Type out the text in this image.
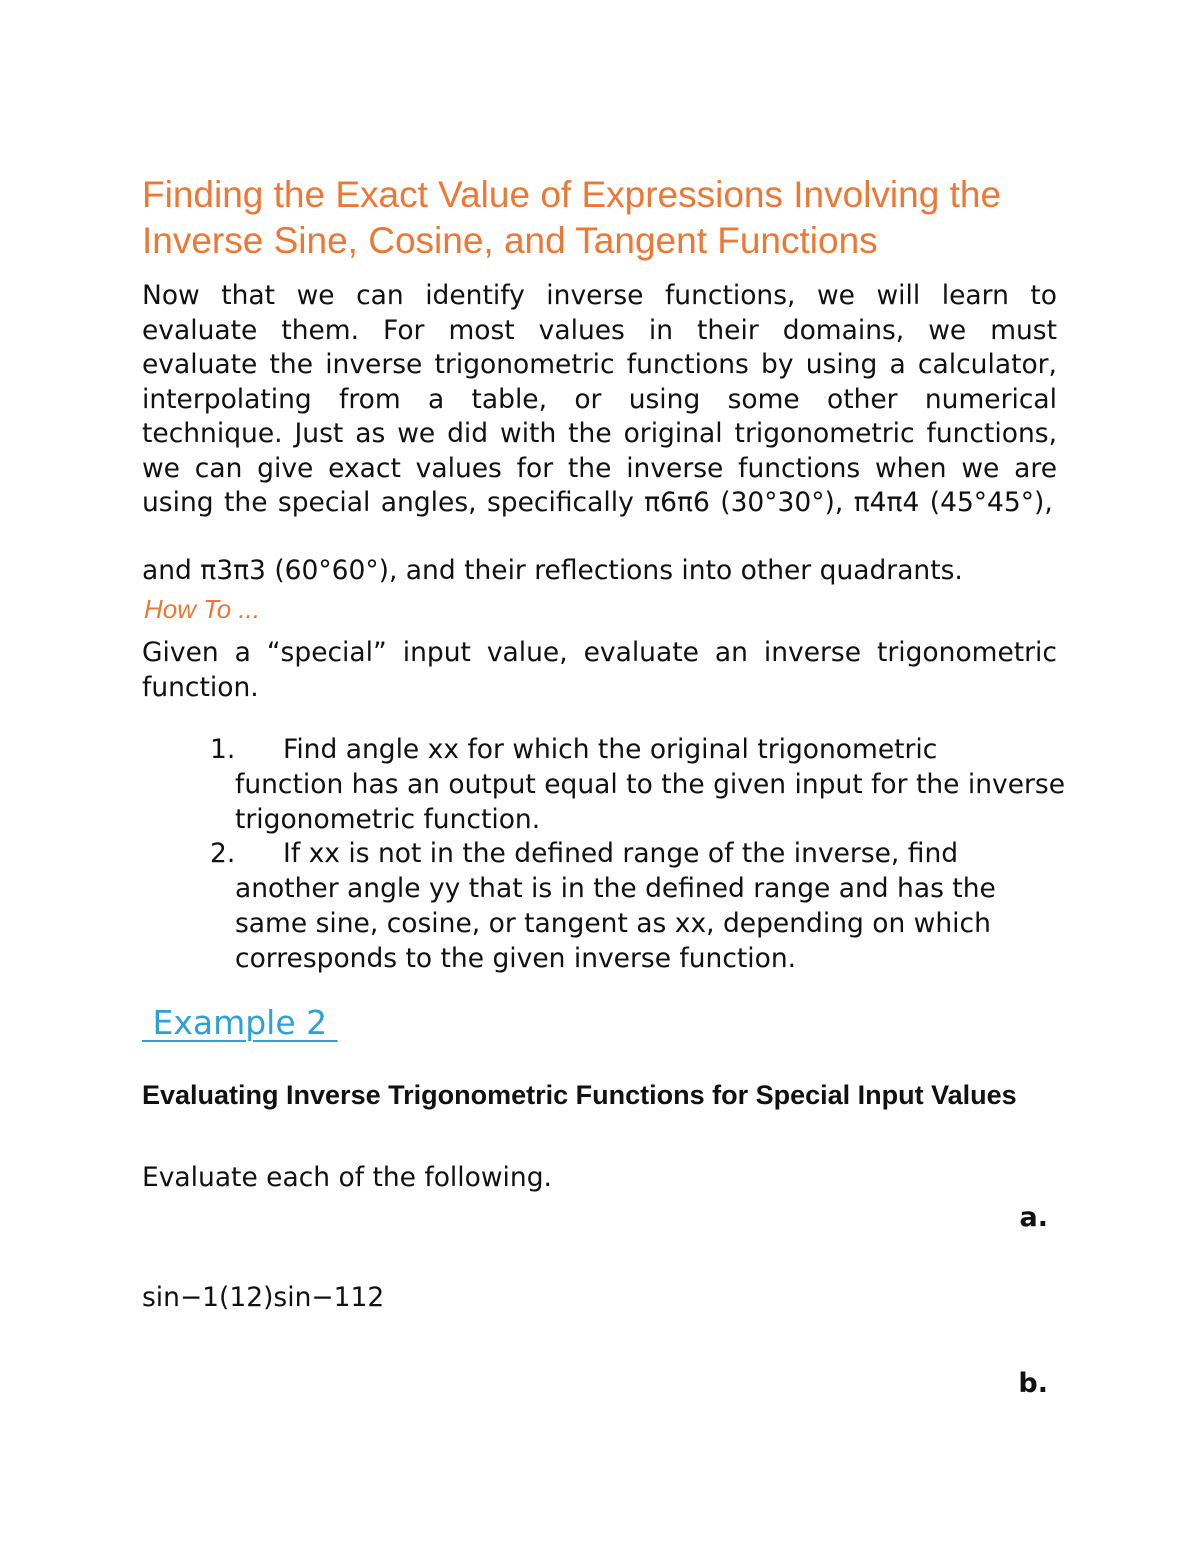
Finding the Exact Value of Expressions Involving the Inverse Sine, Cosine, and Tangent Functions

Now that we can identify inverse functions, we will learn to evaluate them. For most values in their domains, we must evaluate the inverse trigonometric functions by using a calculator, interpolating from a table, or using some other numerical technique. Just as we did with the original trigonometric functions, we can give exact values for the inverse functions when we are using the special angles, specifically π6π6 (30°30°), π4π4 (45°45°),

and π3π3 (60°60°), and their reflections into other quadrants.

How To ...

Given a “special” input value, evaluate an inverse trigonometric function.

1. Find angle xx for which the original trigonometric
function has an output equal to the given input for the inverse trigonometric function.
2. If xx is not in the defined range of the inverse, find
another angle yy that is in the defined range and has the same sine, cosine, or tangent as xx, depending on which corresponds to the given inverse function.

Example 2

Evaluating Inverse Trigonometric Functions for Special Input Values

Evaluate each of the following.

a.

sin−1(12)sin−112

b.
